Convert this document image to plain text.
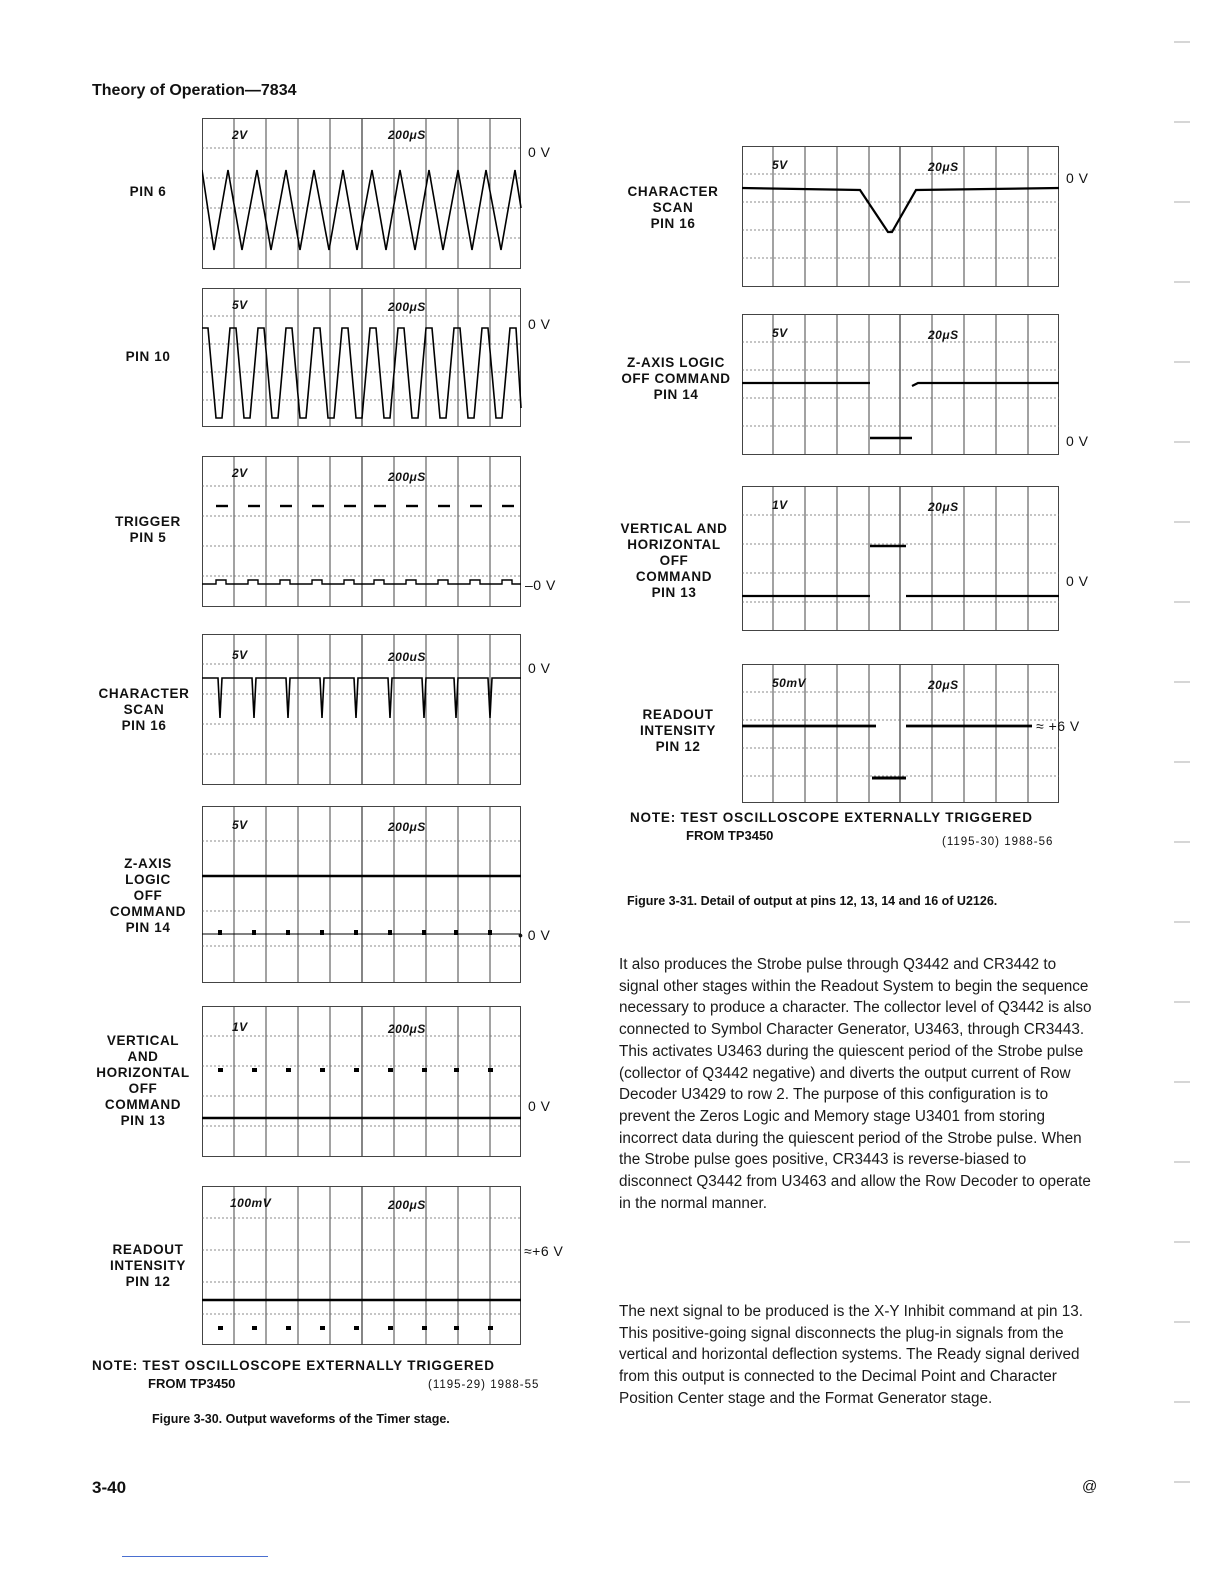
Theory of Operation—7834
PIN 6
PIN 10
TRIGGER
PIN 5
CHARACTER
SCAN
PIN 16
Z-AXIS
LOGIC
OFF
COMMAND
PIN 14
VERTICAL
AND
HORIZONTAL
OFF
COMMAND
PIN 13
READOUT
INTENSITY
PIN 12
2V	200μS
0 V
5V	200μS
0 V
2V	200μS
–0 V
5V	200uS
0 V
5V	200μS
• 0 V
1V	200μS
0 V
100mV	200μS
≈+6 V
NOTE: TEST OSCILLOSCOPE EXTERNALLY TRIGGERED
FROM TP3450	(1195-29) 1988-55
Figure 3-30. Output waveforms of the Timer stage.
CHARACTER
SCAN
PIN 16
Z-AXIS LOGIC
OFF COMMAND
PIN 14
VERTICAL AND
HORIZONTAL
OFF
COMMAND
PIN 13
READOUT
INTENSITY
PIN 12
5V	20μS
0 V
5V	20μS
0 V
1V	20μS
0 V
50mV	20μS
≈ +6 V
NOTE: TEST OSCILLOSCOPE EXTERNALLY TRIGGERED
FROM TP3450	(1195-30) 1988-56
Figure 3-31. Detail of output at pins 12, 13, 14 and 16 of U2126.

It also produces the Strobe pulse through Q3442 and CR3442 to signal other stages within the Readout System to begin the sequence necessary to produce a character. The collector level of Q3442 is also connected to Symbol Character Generator, U3463, through CR3443. This activates U3463 during the quiescent period of the Strobe pulse (collector of Q3442 negative) and diverts the output current of Row Decoder U3429 to row 2. The purpose of this configuration is to prevent the Zeros Logic and Memory stage U3401 from storing incorrect data during the quiescent period of the Strobe pulse. When the Strobe pulse goes positive, CR3443 is reverse-biased to disconnect Q3442 from U3463 and allow the Row Decoder to operate in the normal manner.

The next signal to be produced is the X-Y Inhibit command at pin 13. This positive-going signal disconnects the plug-in signals from the vertical and horizontal deflection systems. The Ready signal derived from this output is connected to the Decimal Point and Character Position Center stage and the Format Generator stage.

3-40	@
